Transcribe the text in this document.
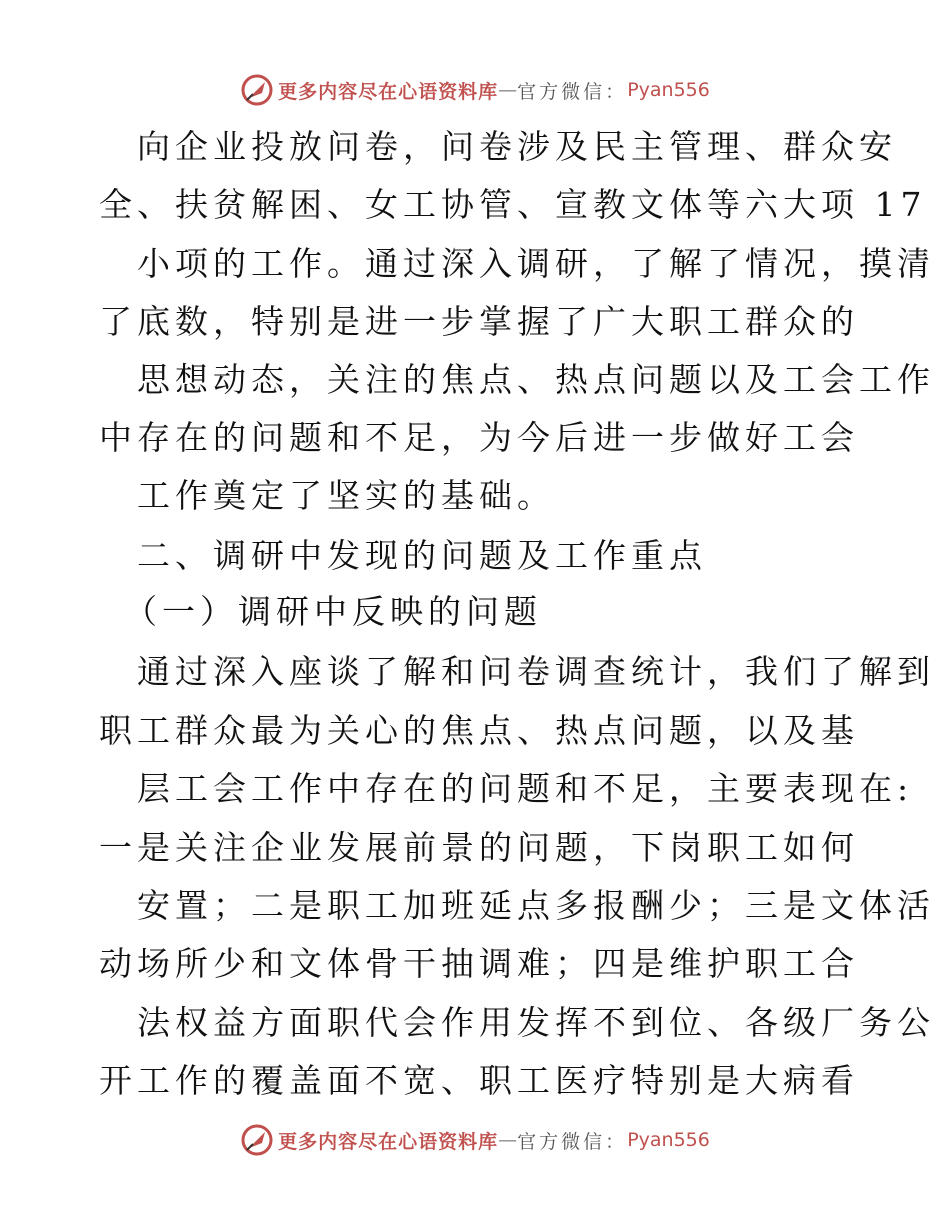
更多内容尽在心语资料库 — 官方微信： Pyan556
向企业投放问卷，问卷涉及民主管理、群众安
全、扶贫解困、女工协管、宣教文体等六大项 17
小项的工作。通过深入调研，了解了情况，摸清
了底数，特别是进一步掌握了广大职工群众的
思想动态，关注的焦点、热点问题以及工会工作
中存在的问题和不足，为今后进一步做好工会
工作奠定了坚实的基础。
二、调研中发现的问题及工作重点
（一）调研中反映的问题
通过深入座谈了解和问卷调查统计，我们了解到
职工群众最为关心的焦点、热点问题，以及基
层工会工作中存在的问题和不足，主要表现在:
一是关注企业发展前景的问题，下岗职工如何
安置；二是职工加班延点多报酬少；三是文体活
动场所少和文体骨干抽调难；四是维护职工合
法权益方面职代会作用发挥不到位、各级厂务公
开工作的覆盖面不宽、职工医疗特别是大病看
更多内容尽在心语资料库 — 官方微信： Pyan556
